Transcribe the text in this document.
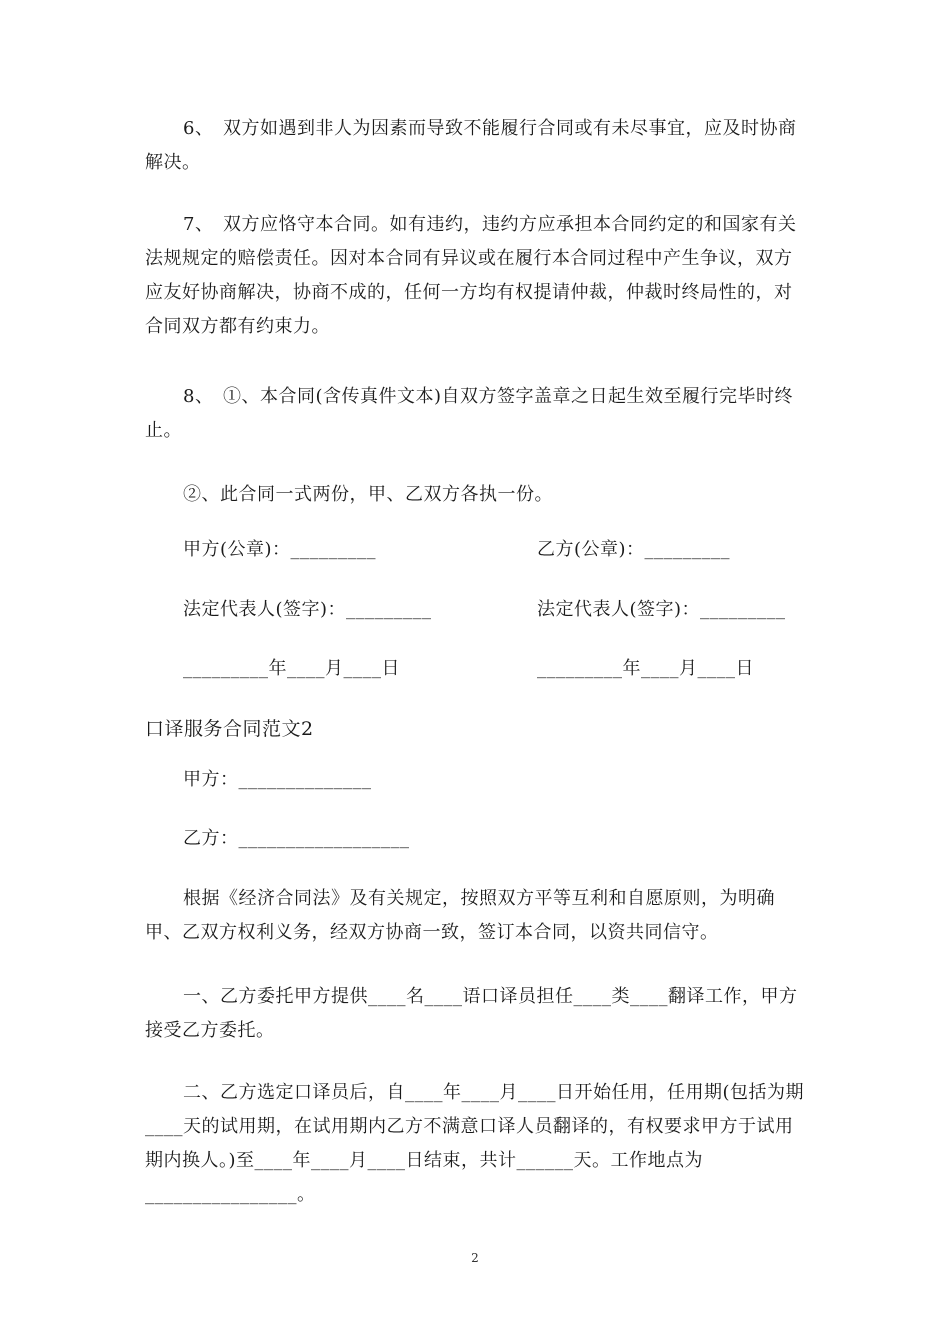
6、　双方如遇到非人为因素而导致不能履行合同或有未尽事宜，应及时协商解决。

7、　双方应恪守本合同。如有违约，违约方应承担本合同约定的和国家有关法规规定的赔偿责任。因对本合同有异议或在履行本合同过程中产生争议，双方应友好协商解决，协商不成的，任何一方均有权提请仲裁，仲裁时终局性的，对合同双方都有约束力。

8、　①、本合同(含传真件文本)自双方签字盖章之日起生效至履行完毕时终止。

②、此合同一式两份，甲、乙双方各执一份。

甲方(公章)：_________	乙方(公章)：_________
法定代表人(签字)：_________	法定代表人(签字)：_________
_________年____月____日	_________年____月____日
口译服务合同范文2
甲方：______________
乙方：__________________

根据《经济合同法》及有关规定，按照双方平等互利和自愿原则，为明确甲、乙双方权利义务，经双方协商一致，签订本合同，以资共同信守。

一、乙方委托甲方提供____名____语口译员担任____类____翻译工作，甲方接受乙方委托。

二、乙方选定口译员后，自____年____月____日开始任用，任用期(包括为期____天的试用期，在试用期内乙方不满意口译人员翻译的，有权要求甲方于试用期内换人。)至____年____月____日结束，共计______天。工作地点为________________。

2
